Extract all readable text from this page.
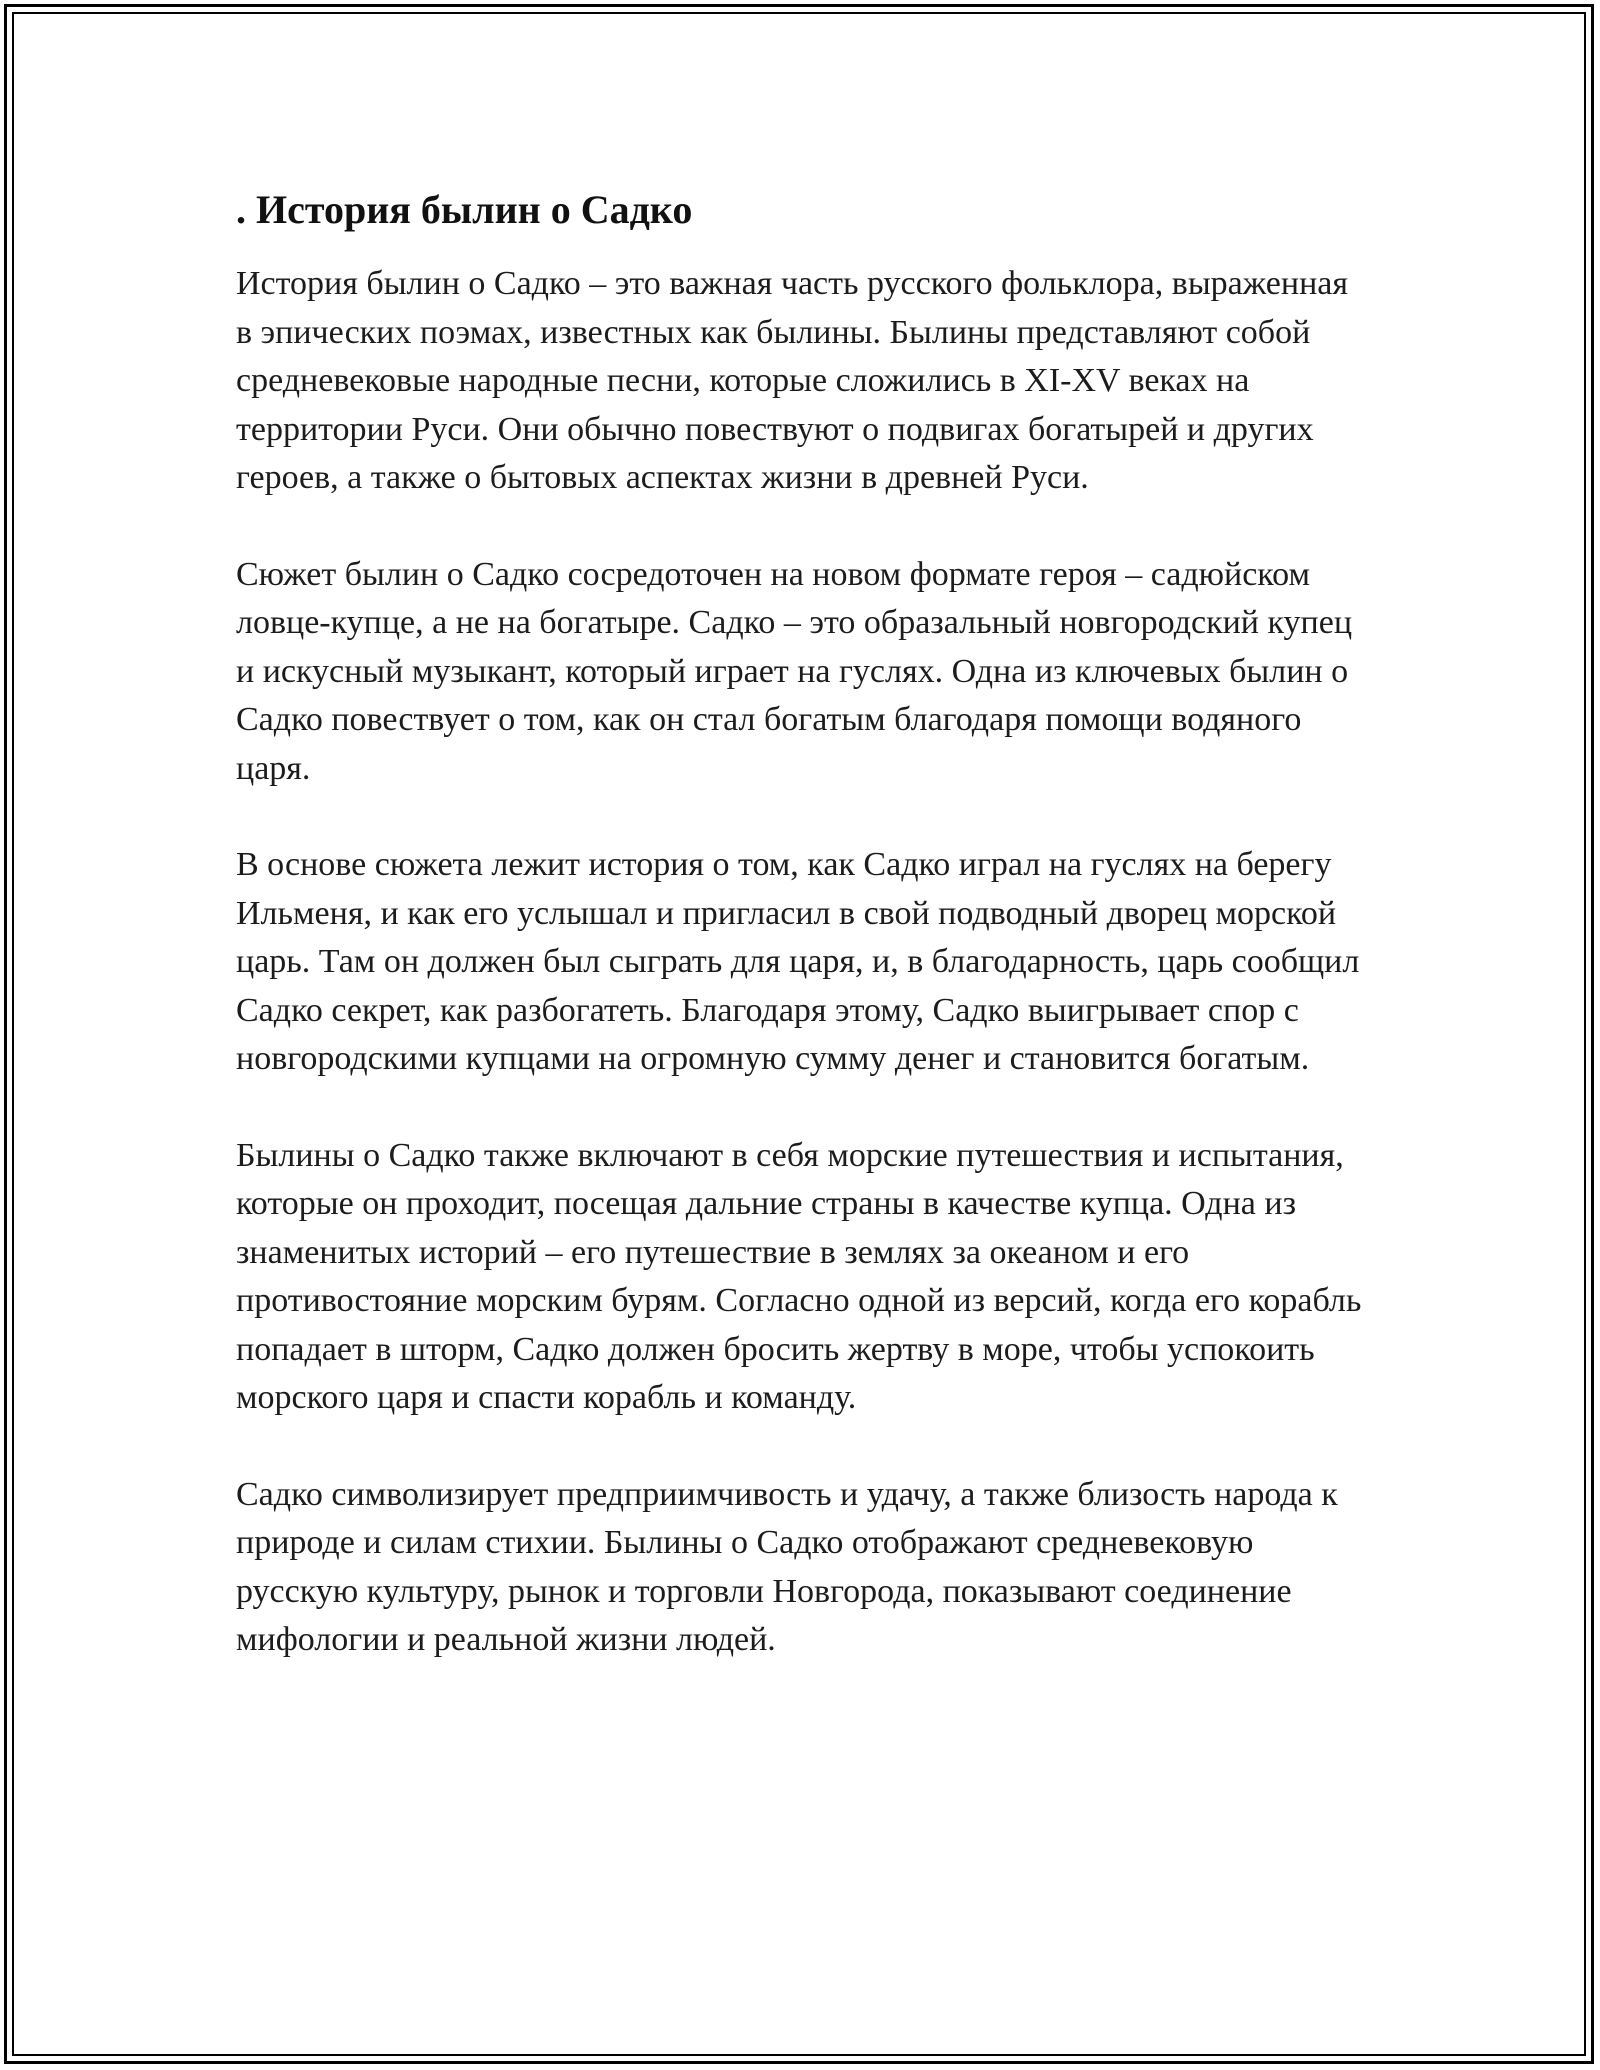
. История былин о Садко

История былин о Садко – это важная часть русского фольклора, выраженная в эпических поэмах, известных как былины. Былины представляют собой средневековые народные песни, которые сложились в XI-XV веках на территории Руси. Они обычно повествуют о подвигах богатырей и других героев, а также о бытовых аспектах жизни в древней Руси.

Сюжет былин о Садко сосредоточен на новом формате героя – садюйском ловце-купце, а не на богатыре. Садко – это образальный новгородский купец и искусный музыкант, который играет на гуслях. Одна из ключевых былин о Садко повествует о том, как он стал богатым благодаря помощи водяного царя.

В основе сюжета лежит история о том, как Садко играл на гуслях на берегу Ильменя, и как его услышал и пригласил в свой подводный дворец морской царь. Там он должен был сыграть для царя, и, в благодарность, царь сообщил Садко секрет, как разбогатеть. Благодаря этому, Садко выигрывает спор с новгородскими купцами на огромную сумму денег и становится богатым.

Былины о Садко также включают в себя морские путешествия и испытания, которые он проходит, посещая дальние страны в качестве купца. Одна из знаменитых историй – его путешествие в землях за океаном и его противостояние морским бурям. Согласно одной из версий, когда его корабль попадает в шторм, Садко должен бросить жертву в море, чтобы успокоить морского царя и спасти корабль и команду.

Садко символизирует предприимчивость и удачу, а также близость народа к природе и силам стихии. Былины о Садко отображают средневековую русскую культуру, рынок и торговли Новгорода, показывают соединение мифологии и реальной жизни людей.
